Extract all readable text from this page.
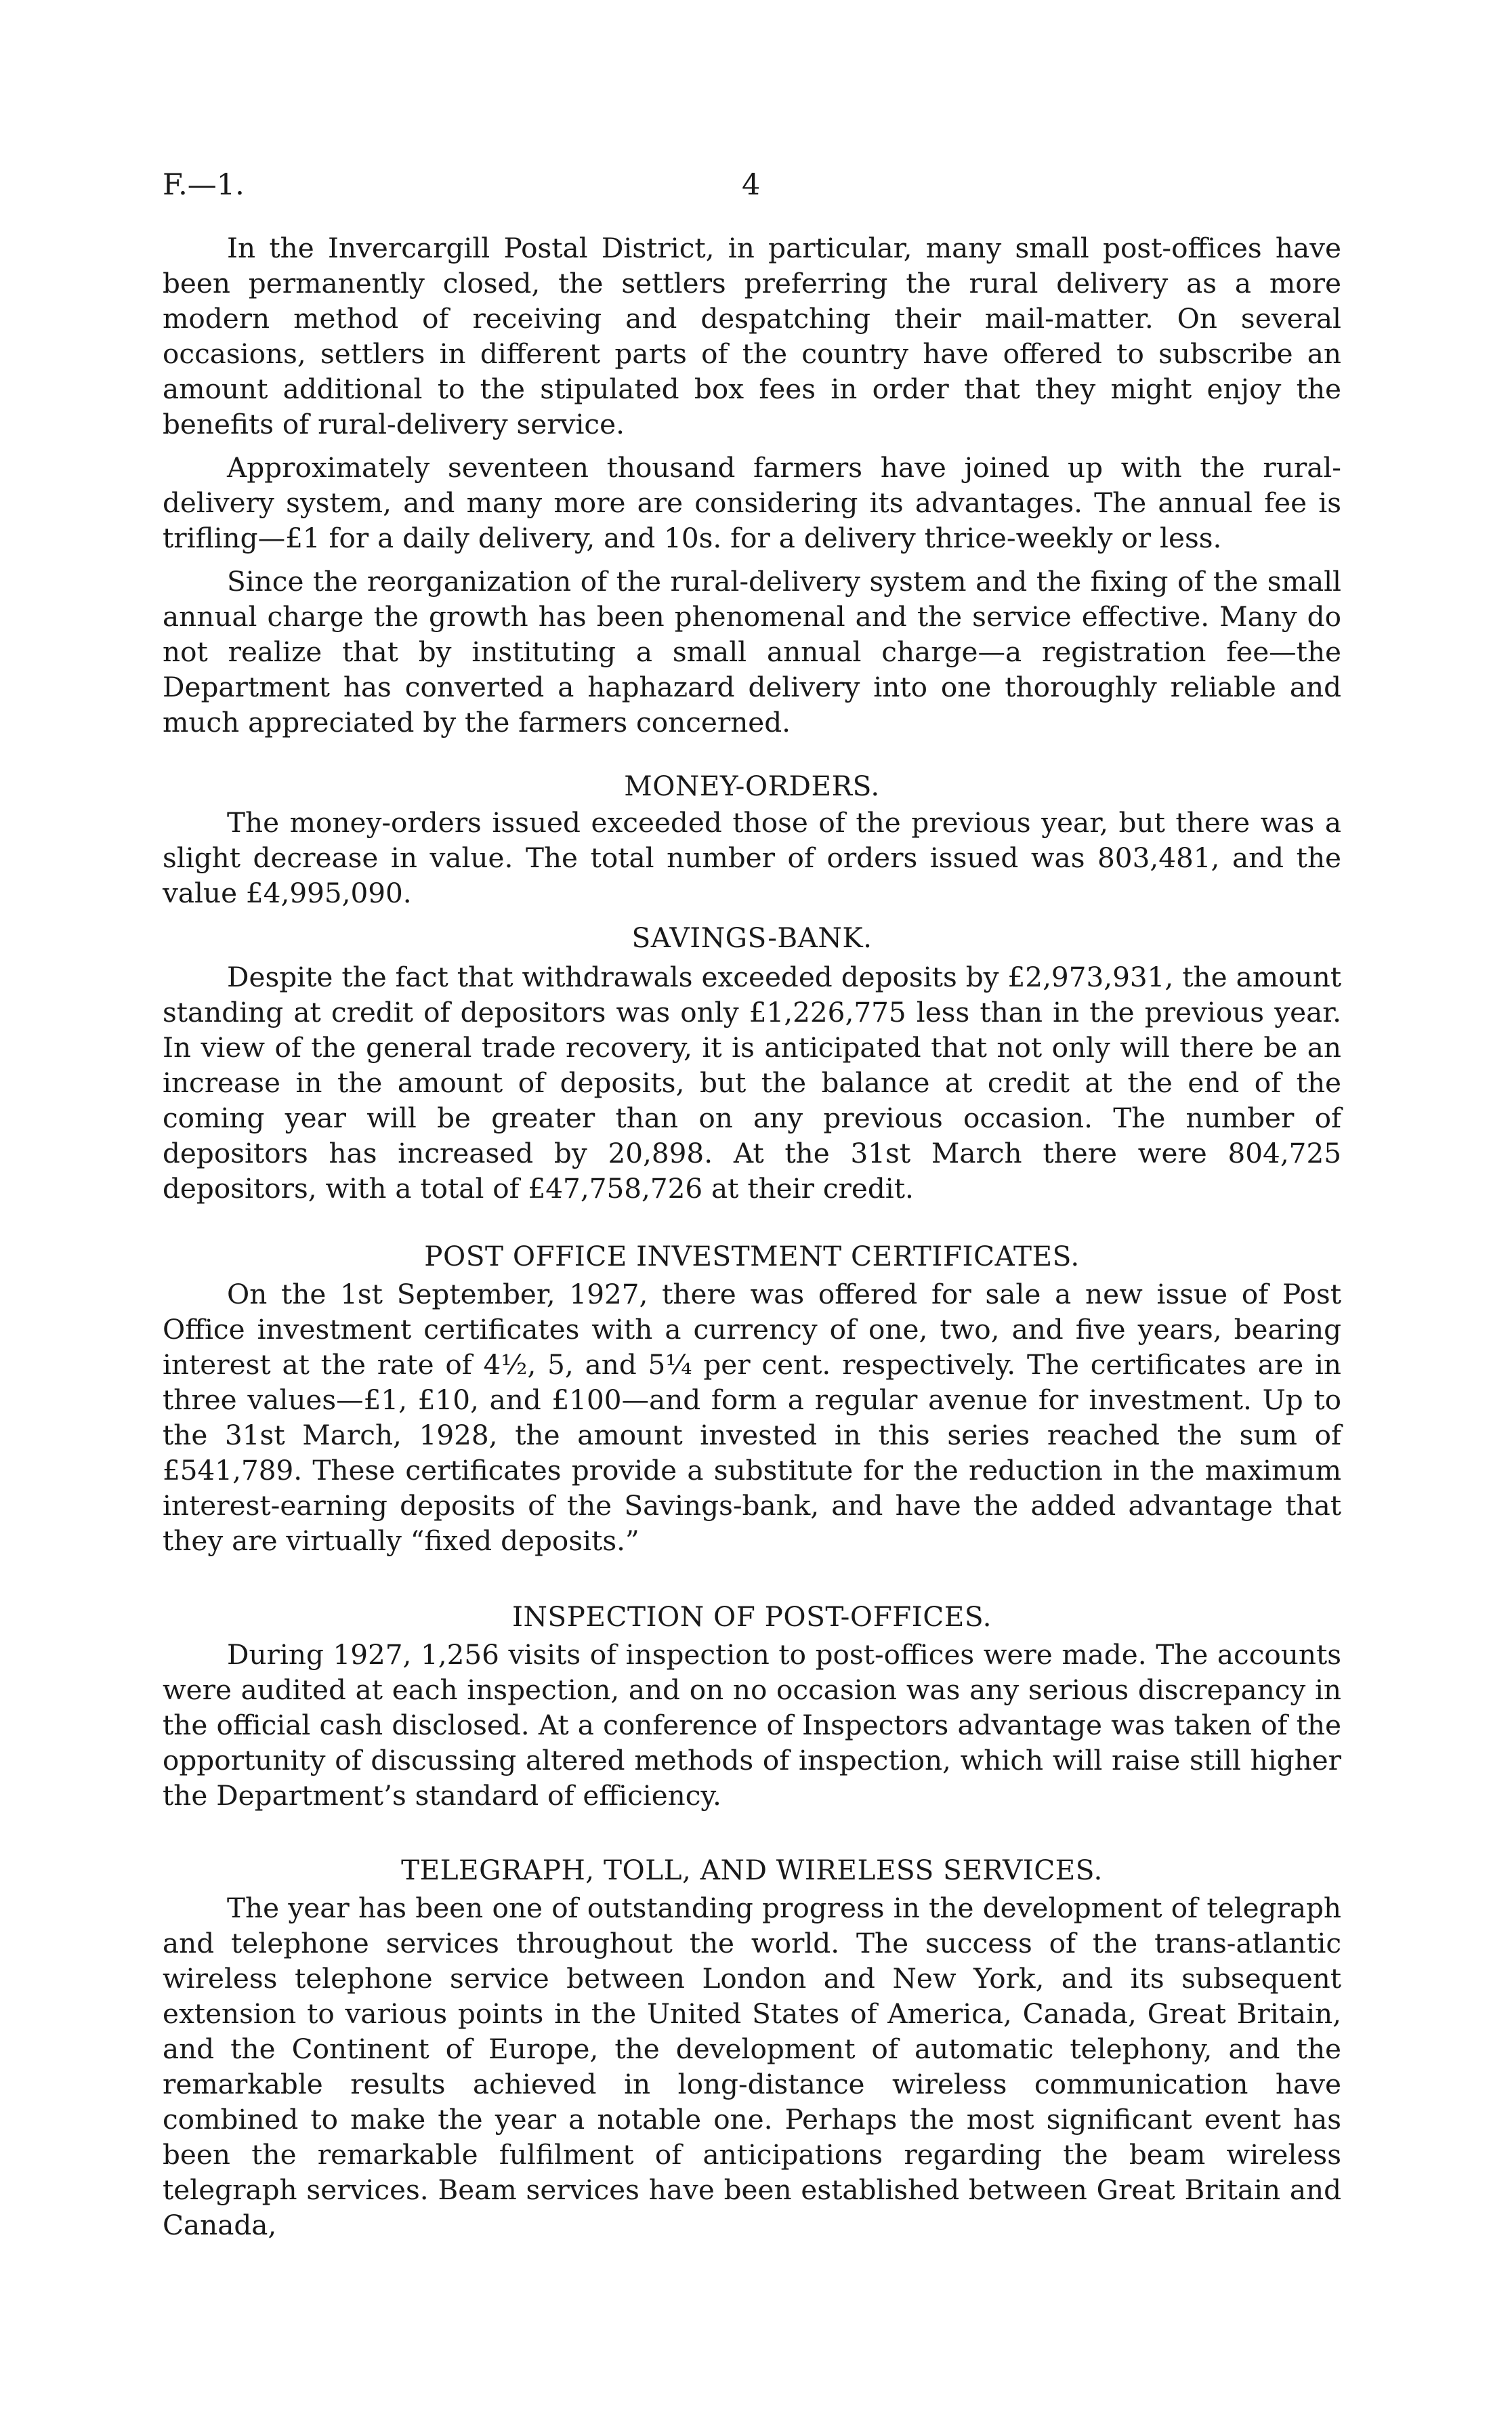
F.—1.	4

In the Invercargill Postal District, in particular, many small post-offices have been permanently closed, the settlers preferring the rural delivery as a more modern method of receiving and despatching their mail-matter. On several occasions, settlers in different parts of the country have offered to subscribe an amount additional to the stipulated box fees in order that they might enjoy the benefits of rural-delivery service.

Approximately seventeen thousand farmers have joined up with the rural-delivery system, and many more are considering its advantages. The annual fee is trifling—£1 for a daily delivery, and 10s. for a delivery thrice-weekly or less.

Since the reorganization of the rural-delivery system and the fixing of the small annual charge the growth has been phenomenal and the service effective. Many do not realize that by instituting a small annual charge—a registration fee—the Department has converted a haphazard delivery into one thoroughly reliable and much appreciated by the farmers concerned.

MONEY-ORDERS.

The money-orders issued exceeded those of the previous year, but there was a slight decrease in value. The total number of orders issued was 803,481, and the value £4,995,090.

SAVINGS-BANK.

Despite the fact that withdrawals exceeded deposits by £2,973,931, the amount standing at credit of depositors was only £1,226,775 less than in the previous year. In view of the general trade recovery, it is anticipated that not only will there be an increase in the amount of deposits, but the balance at credit at the end of the coming year will be greater than on any previous occasion. The number of depositors has increased by 20,898. At the 31st March there were 804,725 depositors, with a total of £47,758,726 at their credit.

POST OFFICE INVESTMENT CERTIFICATES.

On the 1st September, 1927, there was offered for sale a new issue of Post Office investment certificates with a currency of one, two, and five years, bearing interest at the rate of 4½, 5, and 5¼ per cent. respectively. The certificates are in three values—£1, £10, and £100—and form a regular avenue for investment. Up to the 31st March, 1928, the amount invested in this series reached the sum of £541,789. These certificates provide a substitute for the reduction in the maximum interest-earning deposits of the Savings-bank, and have the added advantage that they are virtually “fixed deposits.”

INSPECTION OF POST-OFFICES.

During 1927, 1,256 visits of inspection to post-offices were made. The accounts were audited at each inspection, and on no occasion was any serious discrepancy in the official cash disclosed. At a conference of Inspectors advantage was taken of the opportunity of discussing altered methods of inspection, which will raise still higher the Department’s standard of efficiency.

TELEGRAPH, TOLL, AND WIRELESS SERVICES.

The year has been one of outstanding progress in the development of telegraph and telephone services throughout the world. The success of the trans-atlantic wireless telephone service between London and New York, and its subsequent extension to various points in the United States of America, Canada, Great Britain, and the Continent of Europe, the development of automatic telephony, and the remarkable results achieved in long-distance wireless communication have combined to make the year a notable one. Perhaps the most significant event has been the remarkable fulfilment of anticipations regarding the beam wireless telegraph services. Beam services have been established between Great Britain and Canada,
